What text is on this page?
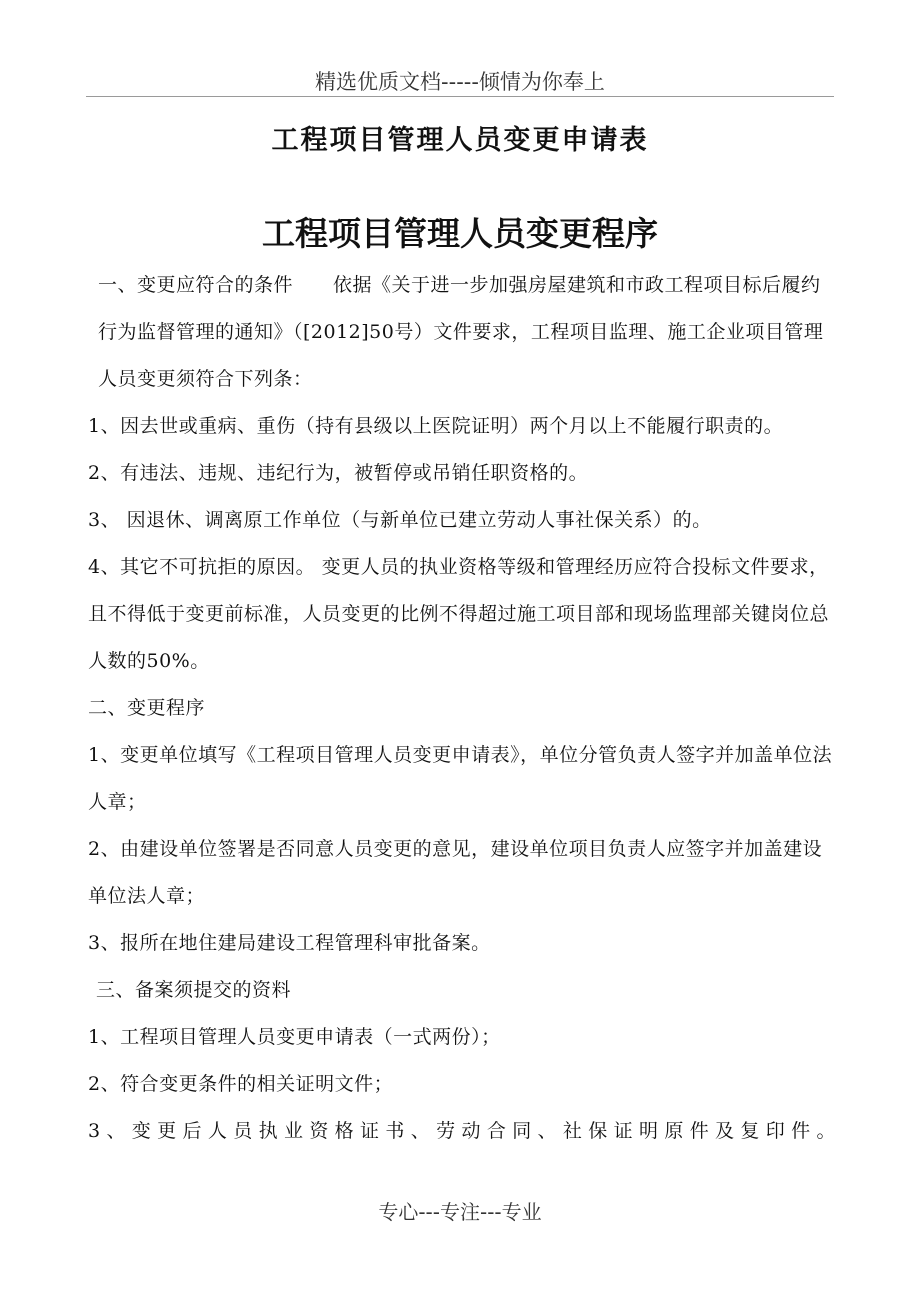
精选优质文档-----倾情为你奉上
工程项目管理人员变更申请表
工程项目管理人员变更程序

一、变更应符合的条件 依据《关于进一步加强房屋建筑和市政工程项目标后履约行为监督管理的通知》（[2012]50号）文件要求，工程项目监理、施工企业项目管理人员变更须符合下列条：

1、因去世或重病、重伤（持有县级以上医院证明）两个月以上不能履行职责的。

2、有违法、违规、违纪行为，被暂停或吊销任职资格的。

3、 因退休、调离原工作单位（与新单位已建立劳动人事社保关系）的。

4、其它不可抗拒的原因。 变更人员的执业资格等级和管理经历应符合投标文件要求，且不得低于变更前标准，人员变更的比例不得超过施工项目部和现场监理部关键岗位总人数的50%。

二、变更程序

1、变更单位填写《工程项目管理人员变更申请表》，单位分管负责人签字并加盖单位法人章；

2、由建设单位签署是否同意人员变更的意见，建设单位项目负责人应签字并加盖建设单位法人章；

3、报所在地住建局建设工程管理科审批备案。

三、备案须提交的资料

1、工程项目管理人员变更申请表（一式两份）；

2、符合变更条件的相关证明文件；

3、变更后人员执业资格证书、劳动合同、社保证明原件及复印件。

专心---专注---专业
